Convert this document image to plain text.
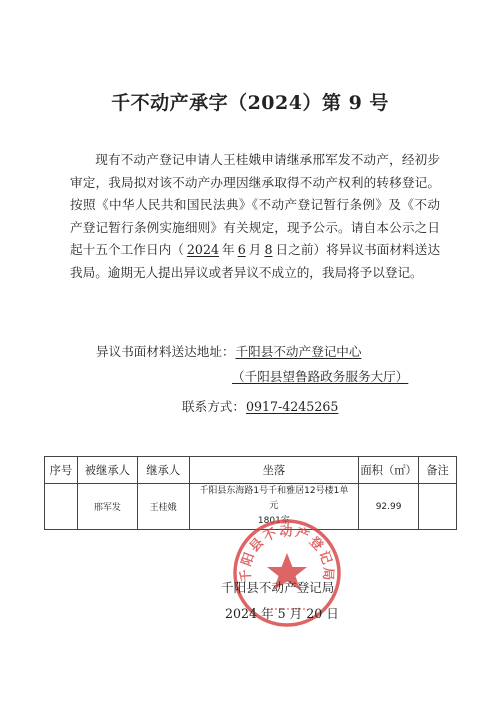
千不动产承字（2024）第 9 号

现有不动产登记申请人王桂娥申请继承邢军发不动产，经初步审定，我局拟对该不动产办理因继承取得不动产权利的转移登记。按照《中华人民共和国民法典》《不动产登记暂行条例》及《不动产登记暂行条例实施细则》有关规定，现予公示。请自本公示之日起十五个工作日内（ 2024 年 6 月 8 日之前）将异议书面材料送达我局。逾期无人提出异议或者异议不成立的，我局将予以登记。

异议书面材料送达地址：千阳县不动产登记中心
（千阳县望鲁路政务服务大厅）
联系方式：0917-4245265
序号	被继承人	继承人	坐落	面积（㎡）	备注
	邢军发	王桂娥	千阳县东海路1号千和雅居12号楼1单元
1801室	92.99	
千阳县不动产登记局
千阳县不动产登记局
2024 年 5 月 20 日
